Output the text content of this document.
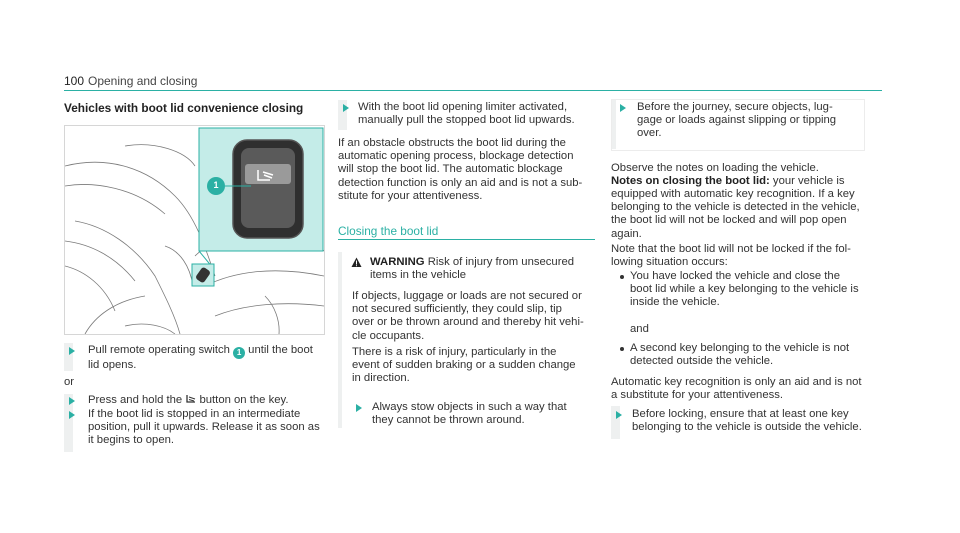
100 Opening and closing
Vehicles with boot lid convenience closing
1
Pull remote operating switch 1 until the boot
lid opens.
or
Press and hold the  button on the key.
If the boot lid is stopped in an intermediate
position, pull it upwards. Release it as soon as
it begins to open.
With the boot lid opening limiter activated,
manually pull the stopped boot lid upwards.
If an obstacle obstructs the boot lid during the
automatic opening process, blockage detection
will stop the boot lid. The automatic blockage
detection function is only an aid and is not a sub-
stitute for your attentiveness.
Closing the boot lid
WARNING Risk of injury from unsecured
items in the vehicle
If objects, luggage or loads are not secured or
not secured sufficiently, they could slip, tip
over or be thrown around and thereby hit vehi-
cle occupants.
There is a risk of injury, particularly in the
event of sudden braking or a sudden change
in direction.
Always stow objects in such a way that
they cannot be thrown around.
Before the journey, secure objects, lug-
gage or loads against slipping or tipping
over.
Observe the notes on loading the vehicle.
Notes on closing the boot lid: your vehicle is
equipped with automatic key recognition. If a key
belonging to the vehicle is detected in the vehicle,
the boot lid will not be locked and will pop open
again.
Note that the boot lid will not be locked if the fol-
lowing situation occurs:
You have locked the vehicle and close the
boot lid while a key belonging to the vehicle is
inside the vehicle.
and
A second key belonging to the vehicle is not
detected outside the vehicle.
Automatic key recognition is only an aid and is not
a substitute for your attentiveness.
Before locking, ensure that at least one key
belonging to the vehicle is outside the vehicle.
